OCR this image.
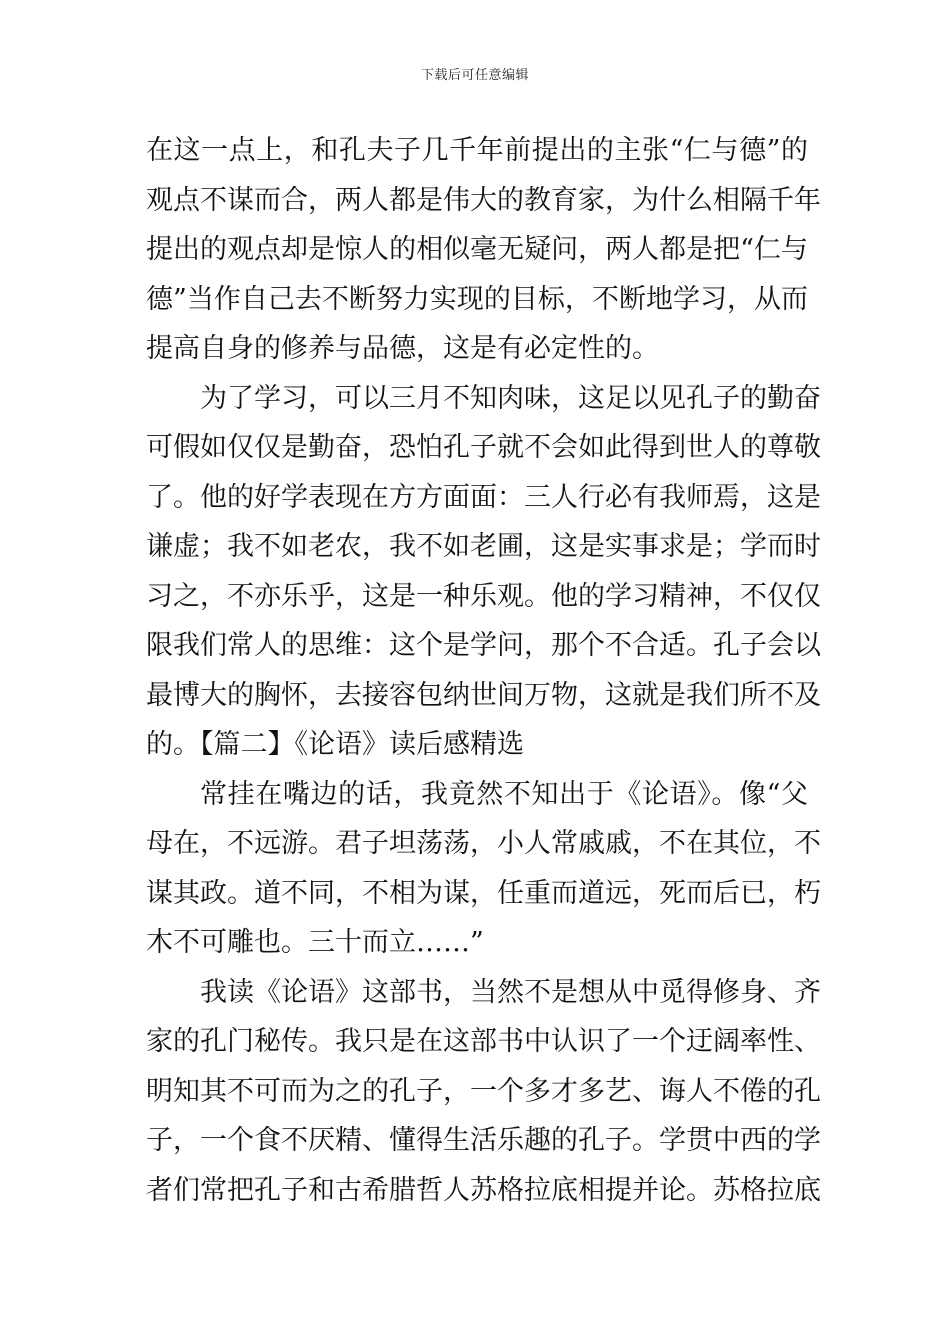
下载后可任意编辑
在这一点上，和孔夫子几千年前提出的主张“仁与德”的
观点不谋而合，两人都是伟大的教育家，为什么相隔千年
提出的观点却是惊人的相似毫无疑问，两人都是把“仁与
德”当作自己去不断努力实现的目标，不断地学习，从而
提高自身的修养与品德，这是有必定性的。
为了学习，可以三月不知肉味，这足以见孔子的勤奋
可假如仅仅是勤奋，恐怕孔子就不会如此得到世人的尊敬
了。他的好学表现在方方面面：三人行必有我师焉，这是
谦虚；我不如老农，我不如老圃，这是实事求是；学而时
习之，不亦乐乎，这是一种乐观。他的学习精神，不仅仅
限我们常人的思维：这个是学问，那个不合适。孔子会以
最博大的胸怀，去接容包纳世间万物，这就是我们所不及
的。【篇二】《论语》读后感精选
常挂在嘴边的话，我竟然不知出于《论语》。像“父
母在，不远游。君子坦荡荡，小人常戚戚，不在其位，不
谋其政。道不同，不相为谋，任重而道远，死而后已，朽
木不可雕也。三十而立……”
我读《论语》这部书，当然不是想从中觅得修身、齐
家的孔门秘传。我只是在这部书中认识了一个迂阔率性、
明知其不可而为之的孔子，一个多才多艺、诲人不倦的孔
子，一个食不厌精、懂得生活乐趣的孔子。学贯中西的学
者们常把孔子和古希腊哲人苏格拉底相提并论。苏格拉底
